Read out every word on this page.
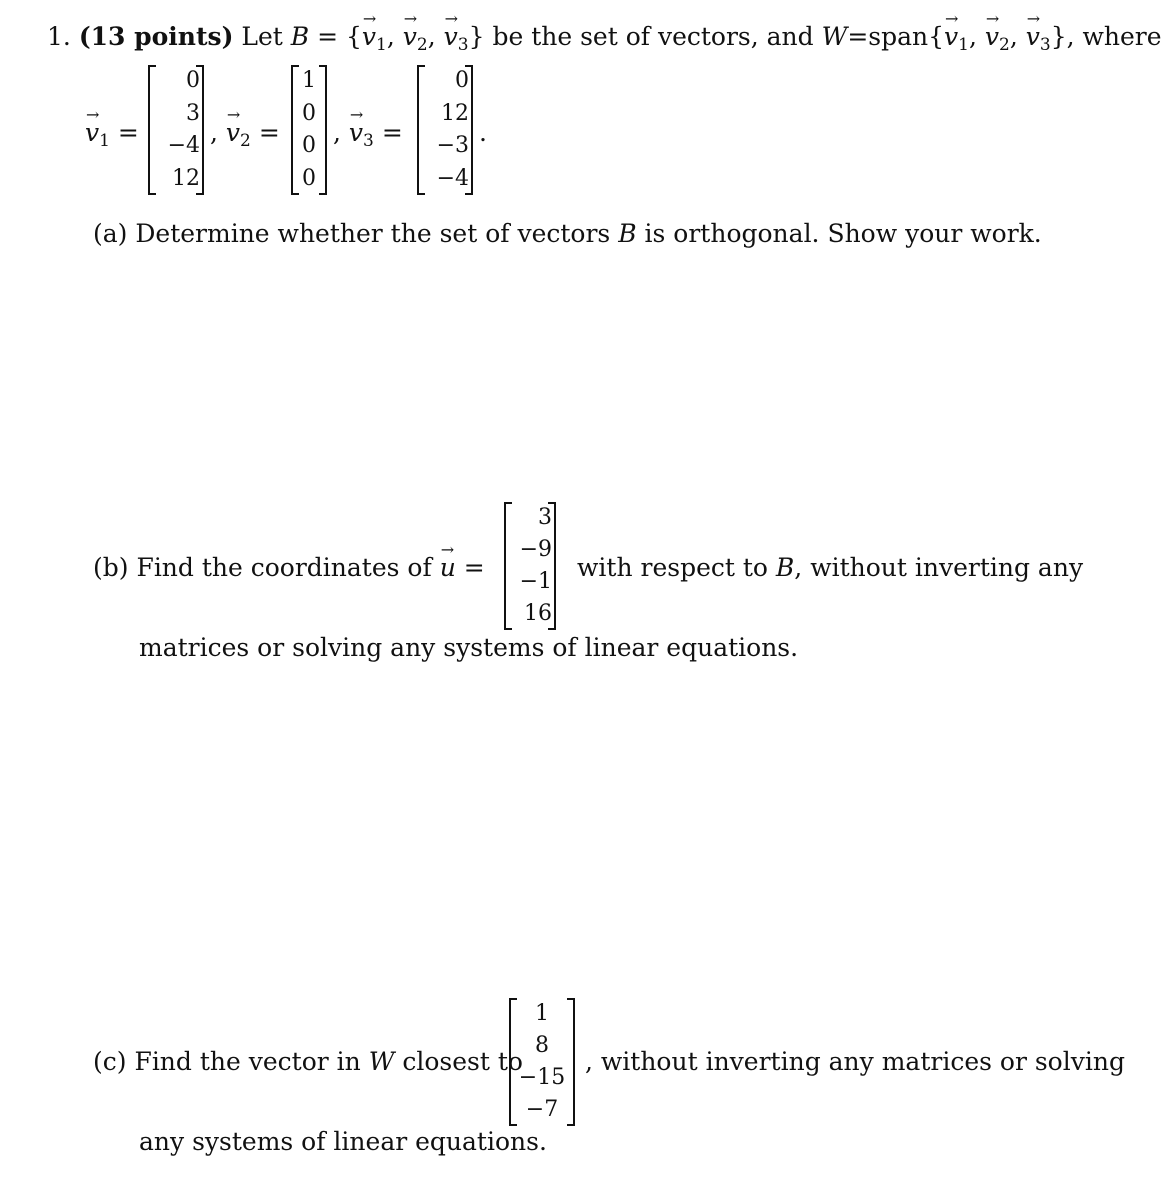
1. (13 points) Let B = {→ $v_1$, → $v_2$, → $v_3$} be the set of vectors, and W=span{→ $v_1$, → $v_2$, → $v_3$}, where
→ $v_1$ =
0
3
−4
12
, → $v_2$ =
1
0
0
0
, → $v_3$ =
0
12
−3
−4
.
(a) Determine whether the set of vectors B is orthogonal. Show your work.
(b) Find the coordinates of → u =
3
−9
−1
16
with respect to B, without inverting any
matrices or solving any systems of linear equations.
(c) Find the vector in W closest to
1
8
−15
−7
, without inverting any matrices or solving
any systems of linear equations.
